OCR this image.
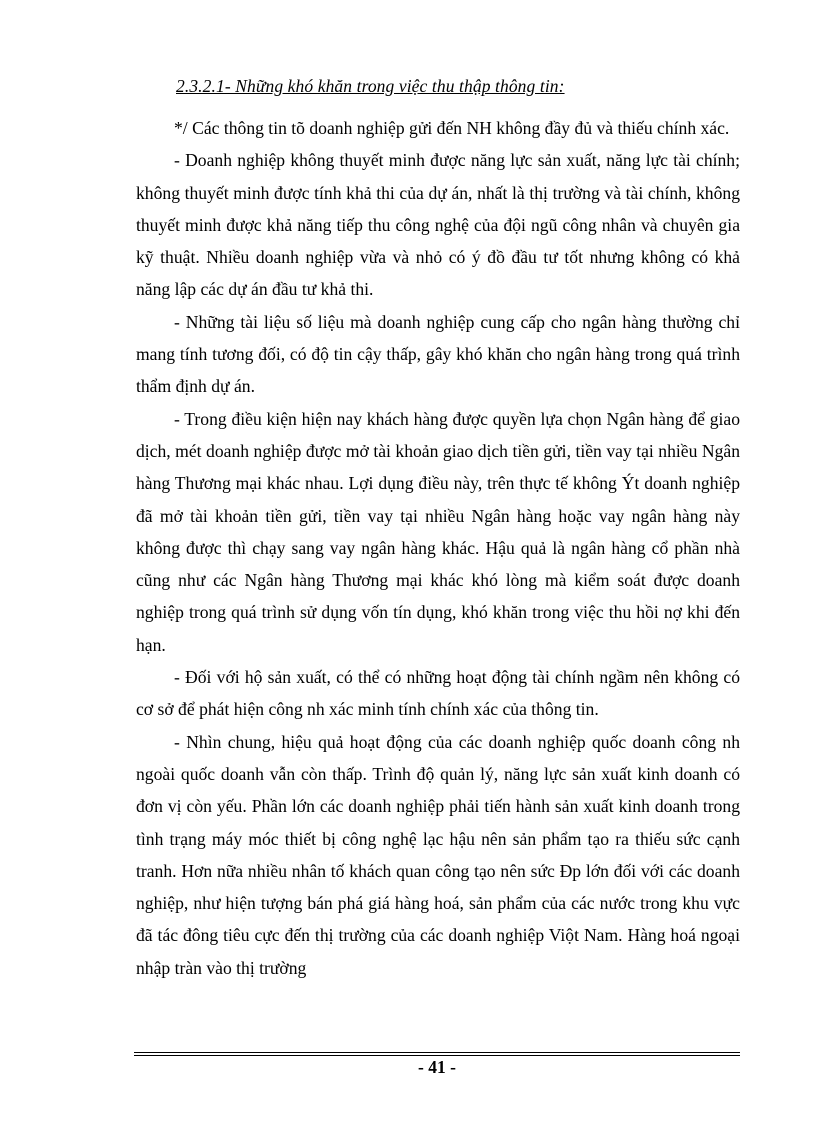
2.3.2.1- Những khó khăn trong việc thu thập thông tin:

*/ Các thông tin tõ doanh nghiệp gửi đến NH không đầy đủ và thiếu chính xác.

- Doanh nghiệp không thuyết minh được năng lực sản xuất, năng lực tài chính; không thuyết minh được tính khả thi của dự án, nhất là thị trường và tài chính, không thuyết minh được khả năng tiếp thu công nghệ của đội ngũ công nhân và chuyên gia kỹ thuật. Nhiều doanh nghiệp vừa và nhỏ có ý đồ đầu tư tốt nhưng không có khả năng lập các dự án đầu tư khả thi.

- Những tài liệu số liệu mà doanh nghiệp cung cấp cho ngân hàng thường chỉ mang tính tương đối, có độ tin cậy thấp, gây khó khăn cho ngân hàng trong quá trình thẩm định dự án.

- Trong điều kiện hiện nay khách hàng được quyền lựa chọn Ngân hàng để giao dịch, mét doanh nghiệp được mở tài khoản giao dịch tiền gửi, tiền vay tại nhiều Ngân hàng Thương mại khác nhau. Lợi dụng điều này, trên thực tế không Ýt doanh nghiệp đã mở tài khoản tiền gửi, tiền vay tại nhiều Ngân hàng hoặc vay ngân hàng này không được thì chạy sang vay ngân hàng khác. Hậu quả là ngân hàng cổ phần nhà cũng như các Ngân hàng Thương mại khác khó lòng mà kiểm soát được doanh nghiệp trong quá trình sử dụng vốn tín dụng, khó khăn trong việc thu hồi nợ khi đến hạn.

- Đối với hộ sản xuất, có thể có những hoạt động tài chính ngầm nên không có cơ sở để phát hiện công nh xác minh tính chính xác của thông tin.

- Nhìn chung, hiệu quả hoạt động của các doanh nghiệp quốc doanh công nh ngoài quốc doanh vẫn còn thấp. Trình độ quản lý, năng lực sản xuất kinh doanh có đơn vị còn yếu. Phần lớn các doanh nghiệp phải tiến hành sản xuất kinh doanh trong tình trạng máy móc thiết bị công nghệ lạc hậu nên sản phẩm tạo ra thiếu sức cạnh tranh. Hơn nữa nhiều nhân tố khách quan công tạo nên sức Đp lớn đối với các doanh nghiệp, như hiện tượng bán phá giá hàng hoá, sản phẩm của các nước trong khu vực đã tác đông tiêu cực đến thị trường của các doanh nghiệp Viột Nam. Hàng hoá ngoại nhập tràn vào thị trường

- 41 -
